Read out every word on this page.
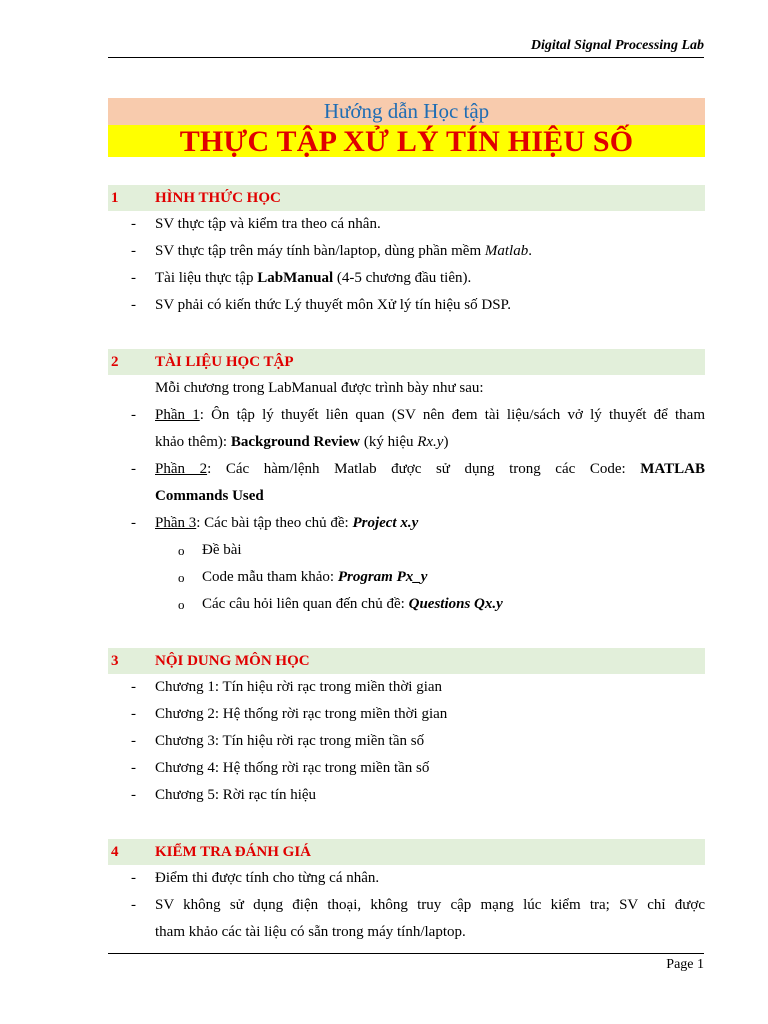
Digital Signal Processing Lab
Hướng dẫn Học tập
THỰC TẬP XỬ LÝ TÍN HIỆU SỐ
1 HÌNH THỨC HỌC
- SV thực tập và kiểm tra theo cá nhân.
- SV thực tập trên máy tính bàn/laptop, dùng phần mềm Matlab.
- Tài liệu thực tập LabManual (4-5 chương đầu tiên).
- SV phải có kiến thức Lý thuyết môn Xử lý tín hiệu số DSP.
2 TÀI LIỆU HỌC TẬP
Mỗi chương trong LabManual được trình bày như sau:
- Phần 1: Ôn tập lý thuyết liên quan (SV nên đem tài liệu/sách vở lý thuyết để tham
khảo thêm): Background Review (ký hiệu Rx.y)
- Phần 2: Các hàm/lệnh Matlab được sử dụng trong các Code: MATLAB
Commands Used
- Phần 3: Các bài tập theo chủ đề: Project x.y
o Đề bài
o Code mẫu tham khảo: Program Px_y
o Các câu hỏi liên quan đến chủ đề: Questions Qx.y
3 NỘI DUNG MÔN HỌC
- Chương 1: Tín hiệu rời rạc trong miền thời gian
- Chương 2: Hệ thống rời rạc trong miền thời gian
- Chương 3: Tín hiệu rời rạc trong miền tần số
- Chương 4: Hệ thống rời rạc trong miền tần số
- Chương 5: Rời rạc tín hiệu
4 KIỂM TRA ĐÁNH GIÁ
- Điểm thi được tính cho từng cá nhân.
- SV không sử dụng điện thoại, không truy cập mạng lúc kiểm tra; SV chỉ được
tham khảo các tài liệu có sẵn trong máy tính/laptop.
Page 1
